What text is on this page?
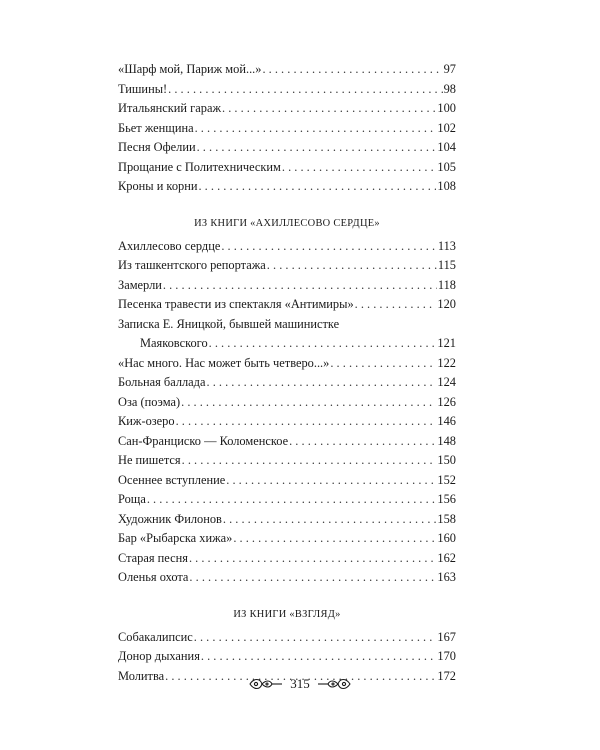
«Шарф мой, Париж мой...» . . .	97
Тишины! . . .	98
Итальянский гараж . . .	100
Бьет женщина . . .	102
Песня Офелии . . .	104
Прощание с Политехническим . . .	105
Кроны и корни . . .	108
ИЗ КНИГИ «АХИЛЛЕСОВО СЕРДЦЕ»
Ахиллесово сердце . . .	113
Из ташкентского репортажа . . .	115
Замерли . . .	118
Песенка травести из спектакля «Антимиры» . . .	120
Записка Е. Яницкой, бывшей машинистке
Маяковского . . .	121
«Нас много. Нас может быть четверо...» . . .	122
Больная баллада . . .	124
Оза (поэма) . . .	126
Киж-озеро . . .	146
Сан-Франциско — Коломенское . . .	148
Не пишется . . .	150
Осеннее вступление . . .	152
Роща . . .	156
Художник Филонов . . .	158
Бар «Рыбарска хижа» . . .	160
Старая песня . . .	162
Оленья охота . . .	163
ИЗ КНИГИ «ВЗГЛЯД»
Собакалипсис . . .	167
Донор дыхания . . .	170
Молитва . . .	172
315
